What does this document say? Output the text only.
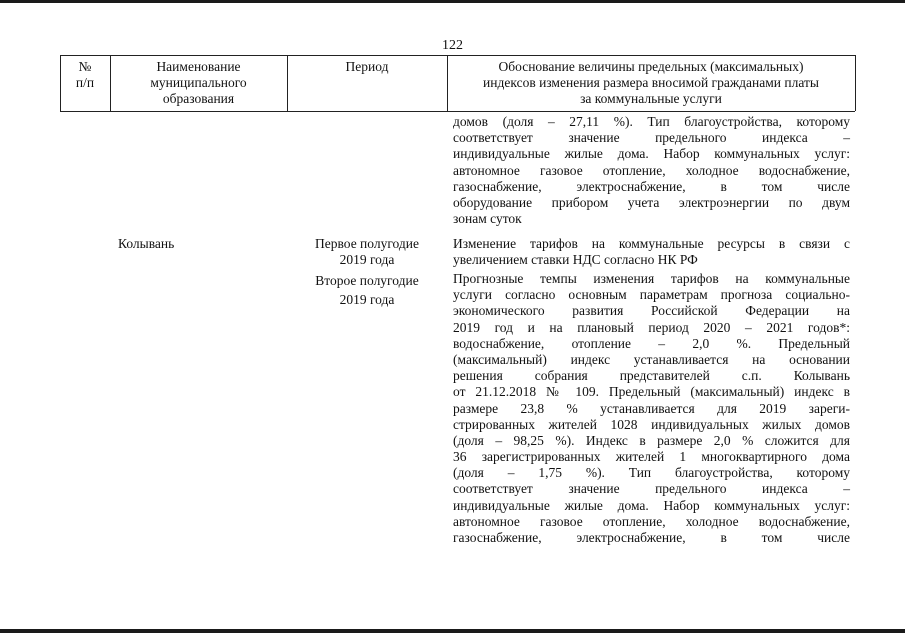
122
№
п/п
Наименование
муниципального
образования
Период	Обоснование величины предельных (максимальных)
индексов изменения размера вносимой гражданами платы
за коммунальные услуги
домов (доля – 27,11 %). Тип благоустройства, которому
соответствует значение предельного индекса –
индивидуальные жилые дома. Набор коммунальных услуг:
автономное газовое отопление, холодное водоснабжение,
газоснабжение, электроснабжение, в том числе
оборудование прибором учета электроэнергии по двум
зонам суток
Колывань	Первое полугодие
2019 года
Второе полугодие
2019 года
Изменение тарифов на коммунальные ресурсы в связи с
увеличением ставки НДС согласно НК РФ
Прогнозные темпы изменения тарифов на коммунальные
услуги согласно основным параметрам прогноза социально-
экономического развития Российской Федерации на
2019 год и на плановый период 2020 – 2021 годов*:
водоснабжение, отопление – 2,0 %. Предельный
(максимальный) индекс устанавливается на основании
решения собрания представителей с.п. Колывань
от 21.12.2018 № 109. Предельный (максимальный) индекс в
размере 23,8 % устанавливается для 2019 зареги-
стрированных жителей 1028 индивидуальных жилых домов
(доля – 98,25 %). Индекс в размере 2,0 % сложится для
36 зарегистрированных жителей 1 многоквартирного дома
(доля – 1,75 %). Тип благоустройства, которому
соответствует значение предельного индекса –
индивидуальные жилые дома. Набор коммунальных услуг:
автономное газовое отопление, холодное водоснабжение,
газоснабжение, электроснабжение, в том числе
